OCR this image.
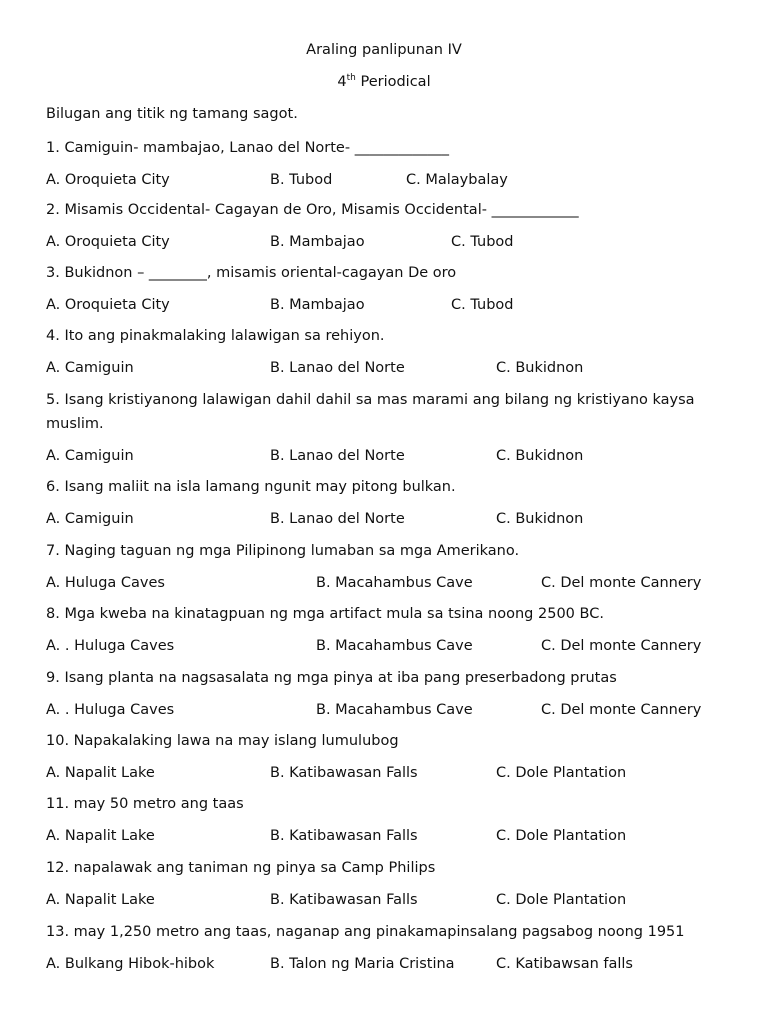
Araling panlipunan IV
4th Periodical
Bilugan ang titik ng tamang sagot.
1. Camiguin- mambajao, Lanao del Norte- _____________
A. Oroquieta City	B. Tubod	C. Malaybalay
2. Misamis Occidental- Cagayan de Oro, Misamis Occidental- ____________
A. Oroquieta City	B. Mambajao	C. Tubod
3. Bukidnon – ________, misamis oriental-cagayan De oro
A. Oroquieta City	B. Mambajao	C. Tubod
4. Ito ang pinakmalaking lalawigan sa rehiyon.
A. Camiguin	B. Lanao del Norte	C. Bukidnon
5. Isang kristiyanong lalawigan dahil dahil sa mas marami ang bilang ng kristiyano kaysa muslim.
A. Camiguin	B. Lanao del Norte	C. Bukidnon
6. Isang maliit na isla lamang ngunit may pitong bulkan.
A. Camiguin	B. Lanao del Norte	C. Bukidnon
7. Naging taguan ng mga Pilipinong lumaban sa mga Amerikano.
A. Huluga Caves	B. Macahambus Cave	C. Del monte Cannery
8. Mga kweba na kinatagpuan ng mga artifact mula sa tsina noong 2500 BC.
A. . Huluga Caves	B. Macahambus Cave	C. Del monte Cannery
9. Isang planta na nagsasalata ng mga pinya at iba pang preserbadong prutas
A. . Huluga Caves	B. Macahambus Cave	C. Del monte Cannery
10. Napakalaking lawa na may islang lumulubog
A. Napalit Lake	B. Katibawasan Falls	C. Dole Plantation
11. may 50 metro ang taas
A. Napalit Lake	B. Katibawasan Falls	C. Dole Plantation
12. napalawak ang taniman ng pinya sa Camp Philips
A. Napalit Lake	B. Katibawasan Falls	C. Dole Plantation
13. may 1,250 metro ang taas, naganap ang pinakamapinsalang pagsabog noong 1951
A. Bulkang Hibok-hibok	B. Talon ng Maria Cristina	C. Katibawsan falls
